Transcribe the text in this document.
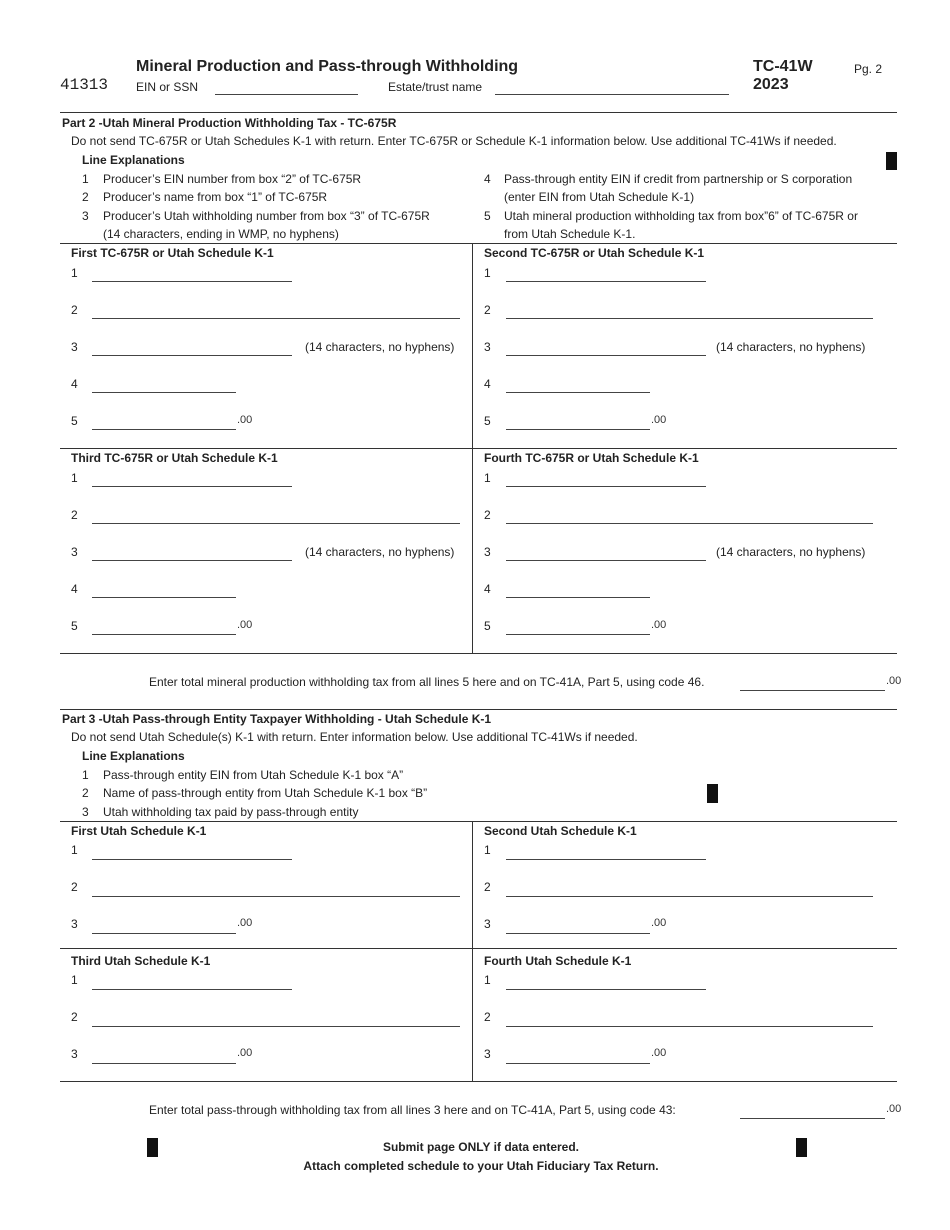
41313
Mineral Production and Pass-through Withholding
EIN or SSN	Estate/trust name
TC-41W
2023
Pg. 2
Part 2 -Utah Mineral Production Withholding Tax - TC-675R
Do not send TC-675R or Utah Schedules K-1 with return. Enter TC-675R or Schedule K-1 information below. Use additional TC-41Ws if needed.
Line Explanations
1 Producer’s EIN number from box “2” of TC-675R
2 Producer’s name from box “1” of TC-675R
3 Producer’s Utah withholding number from box “3” of TC-675R
(14 characters, ending in WMP, no hyphens)
4 Pass-through entity EIN if credit from partnership or S corporation
(enter EIN from Utah Schedule K-1)
5 Utah mineral production withholding tax from box”6” of TC-675R or
from Utah Schedule K-1.
First TC-675R or Utah Schedule K-1
1
2
3	(14 characters, no hyphens)
4
5	.00
Second TC-675R or Utah Schedule K-1
1
2
3	(14 characters, no hyphens)
4
5	.00
Third TC-675R or Utah Schedule K-1
1
2
3	(14 characters, no hyphens)
4
5	.00
Fourth TC-675R or Utah Schedule K-1
1
2
3	(14 characters, no hyphens)
4
5	.00
Enter total mineral production withholding tax from all lines 5 here and on TC-41A, Part 5, using code 46.	.00
Part 3 -Utah Pass-through Entity Taxpayer Withholding - Utah Schedule K-1
Do not send Utah Schedule(s) K-1 with return. Enter information below. Use additional TC-41Ws if needed.
Line Explanations
1 Pass-through entity EIN from Utah Schedule K-1 box “A”
2 Name of pass-through entity from Utah Schedule K-1 box “B”
3 Utah withholding tax paid by pass-through entity
First Utah Schedule K-1
1
2
3	.00
Second Utah Schedule K-1
1
2
3	.00
Third Utah Schedule K-1
1
2
3	.00
Fourth Utah Schedule K-1
1
2
3	.00
Enter total pass-through withholding tax from all lines 3 here and on TC-41A, Part 5, using code 43:	.00
Submit page ONLY if data entered.
Attach completed schedule to your Utah Fiduciary Tax Return.
